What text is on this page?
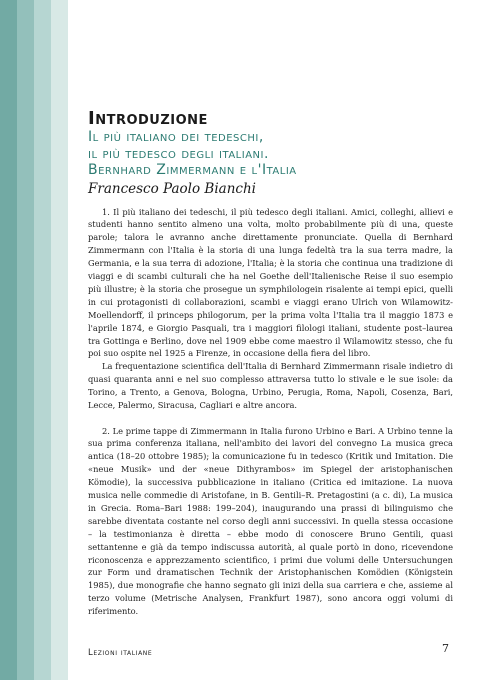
Introduzione
Il più italiano dei tedeschi,
il più tedesco degli italiani.
Bernhard Zimmermann e l'Italia
Francesco Paolo Bianchi

1. Il più italiano dei tedeschi, il più tedesco degli italiani. Amici, colleghi, allievi e studenti hanno sentito almeno una volta, molto probabilmente più di una, queste parole; talora le avranno anche direttamente pronunciate. Quella di Bernhard Zimmermann con l'Italia è la storia di una lunga fedeltà tra la sua terra madre, la Germania, e la sua terra di adozione, l'Italia; è la storia che continua una tradizione di viaggi e di scambi culturali che ha nel Goethe dell'Italienische Reise il suo esempio più illustre; è la storia che prosegue un symphilologein risalente ai tempi epici, quelli in cui protagonisti di collaborazioni, scambi e viaggi erano Ulrich von Wilamowitz-Moellendorff, il princeps philogorum, per la prima volta l'Italia tra il maggio 1873 e l'aprile 1874, e Giorgio Pasquali, tra i maggiori filologi italiani, studente post–laurea tra Gottinga e Berlino, dove nel 1909 ebbe come maestro il Wilamowitz stesso, che fu poi suo ospite nel 1925 a Firenze, in occasione della fiera del libro.

La frequentazione scientifica dell'Italia di Bernhard Zimmermann risale indietro di quasi quaranta anni e nel suo complesso attraversa tutto lo stivale e le sue isole: da Torino, a Trento, a Genova, Bologna, Urbino, Perugia, Roma, Napoli, Cosenza, Bari, Lecce, Palermo, Siracusa, Cagliari e altre ancora.

2. Le prime tappe di Zimmermann in Italia furono Urbino e Bari. A Urbino tenne la sua prima conferenza italiana, nell'ambito dei lavori del convegno La musica greca antica (18–20 ottobre 1985); la comunicazione fu in tedesco (Kritik und Imitation. Die «neue Musik» und der «neue Dithyrambos» im Spiegel der aristophanischen Kömodie), la successiva pubblicazione in italiano (Critica ed imitazione. La nuova musica nelle commedie di Aristofane, in B. Gentili–R. Pretagostini (a c. di), La musica in Grecia. Roma–Bari 1988: 199–204), inaugurando una prassi di bilinguismo che sarebbe diventata costante nel corso degli anni successivi. In quella stessa occasione – la testimonianza è diretta – ebbe modo di conoscere Bruno Gentili, quasi settantenne e già da tempo indiscussa autorità, al quale portò in dono, ricevendone riconoscenza e apprezzamento scientifico, i primi due volumi delle Untersuchungen zur Form und dramatischen Technik der Aristophanischen Komödien (Königstein 1985), due monografie che hanno segnato gli inizi della sua carriera e che, assieme al terzo volume (Metrische Analysen, Frankfurt 1987), sono ancora oggi volumi di riferimento.

Lezioni italiane	7
